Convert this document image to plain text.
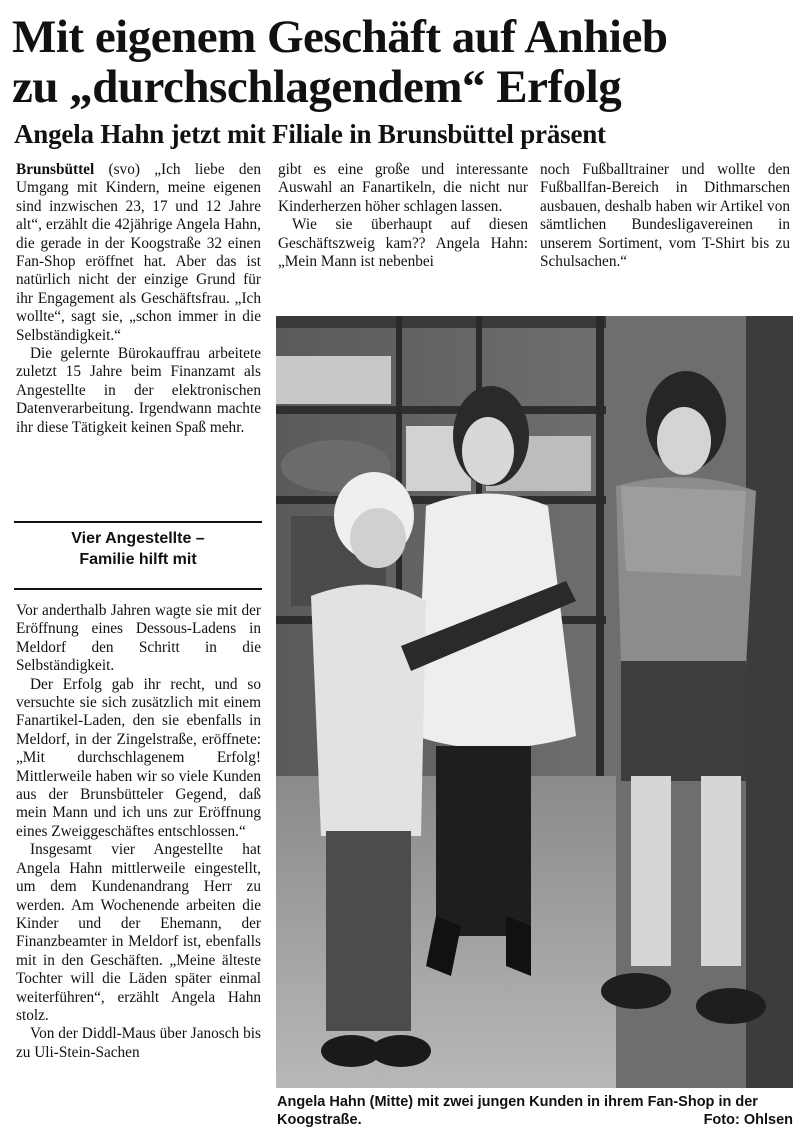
Mit eigenem Geschäft auf Anhieb
zu „durchschlagendem“ Erfolg
Angela Hahn jetzt mit Filiale in Brunsbüttel präsent

Brunsbüttel (svo) „Ich liebe den Umgang mit Kindern, meine eigenen sind inzwischen 23, 17 und 12 Jahre alt“, erzählt die 42jährige Angela Hahn, die gerade in der Koogstraße 32 einen Fan-Shop eröffnet hat. Aber das ist natürlich nicht der einzige Grund für ihr Engagement als Geschäftsfrau. „Ich wollte“, sagt sie, „schon immer in die Selbständigkeit.“

Die gelernte Bürokauffrau arbeitete zuletzt 15 Jahre beim Finanzamt als Angestellte in der elektronischen Datenverarbeitung. Irgendwann machte ihr diese Tätigkeit keinen Spaß mehr.

Vier Angestellte –
Familie hilft mit

Vor anderthalb Jahren wagte sie mit der Eröffnung eines Dessous-Ladens in Meldorf den Schritt in die Selbständigkeit.

Der Erfolg gab ihr recht, und so versuchte sie sich zusätzlich mit einem Fanartikel-Laden, den sie ebenfalls in Meldorf, in der Zingelstraße, eröffnete: „Mit durchschlagenem Erfolg! Mittlerweile haben wir so viele Kunden aus der Brunsbütteler Gegend, daß mein Mann und ich uns zur Eröffnung eines Zweiggeschäftes entschlossen.“

Insgesamt vier Angestellte hat Angela Hahn mittlerweile eingestellt, um dem Kundenandrang Herr zu werden. Am Wochenende arbeiten die Kinder und der Ehemann, der Finanzbeamter in Meldorf ist, ebenfalls mit in den Geschäften. „Meine älteste Tochter will die Läden später einmal weiterführen“, erzählt Angela Hahn stolz.

Von der Diddl-Maus über Janosch bis zu Uli-Stein-Sachen

gibt es eine große und interessante Auswahl an Fanartikeln, die nicht nur Kinderherzen höher schlagen lassen.

Wie sie überhaupt auf diesen Geschäftszweig kam?? Angela Hahn: „Mein Mann ist nebenbei

noch Fußballtrainer und wollte den Fußballfan-Bereich in Dithmarschen ausbauen, deshalb haben wir Artikel von sämtlichen Bundesligavereinen in unserem Sortiment, vom T-Shirt bis zu Schulsachen.“

Angela Hahn (Mitte) mit zwei jungen Kunden in ihrem Fan-Shop in der Koogstraße.	Foto: Ohlsen
